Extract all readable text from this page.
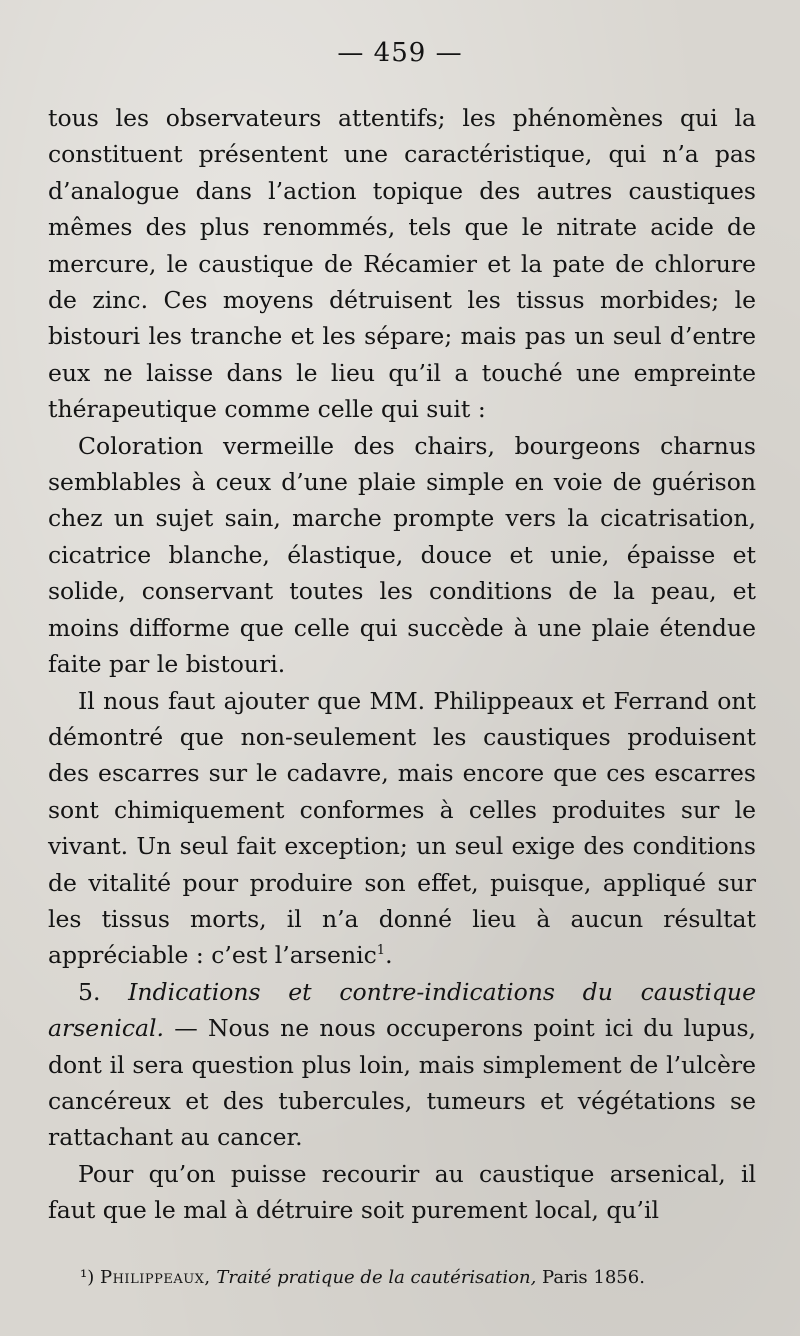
— 459 —

tous les observateurs attentifs; les phénomènes qui la constituent présentent une caractéristique, qui n’a pas d’analogue dans l’action topique des autres caustiques mêmes des plus renommés, tels que le nitrate acide de mercure, le caustique de Récamier et la pate de chlorure de zinc. Ces moyens détruisent les tissus morbides; le bistouri les tranche et les sépare; mais pas un seul d’entre eux ne laisse dans le lieu qu’il a touché une empreinte thérapeutique comme celle qui suit :

Coloration vermeille des chairs, bourgeons charnus semblables à ceux d’une plaie simple en voie de guérison chez un sujet sain, marche prompte vers la cicatrisation, cicatrice blanche, élastique, douce et unie, épaisse et solide, conservant toutes les conditions de la peau, et moins difforme que celle qui succède à une plaie étendue faite par le bistouri.

Il nous faut ajouter que MM. Philippeaux et Ferrand ont démontré que non-seulement les caustiques produisent des escarres sur le cadavre, mais encore que ces escarres sont chimiquement conformes à celles produites sur le vivant. Un seul fait exception; un seul exige des conditions de vitalité pour produire son effet, puisque, appliqué sur les tissus morts, il n’a donné lieu à aucun résultat appréciable : c’est l’arsenic$^1$.

5. Indications et contre-indications du caustique arsenical. — Nous ne nous occuperons point ici du lupus, dont il sera question plus loin, mais simplement de l’ulcère cancéreux et des tubercules, tumeurs et végétations se rattachant au cancer.

Pour qu’on puisse recourir au caustique arsenical, il faut que le mal à détruire soit purement local, qu’il

¹) Philippeaux, Traité pratique de la cautérisation, Paris 1856.
